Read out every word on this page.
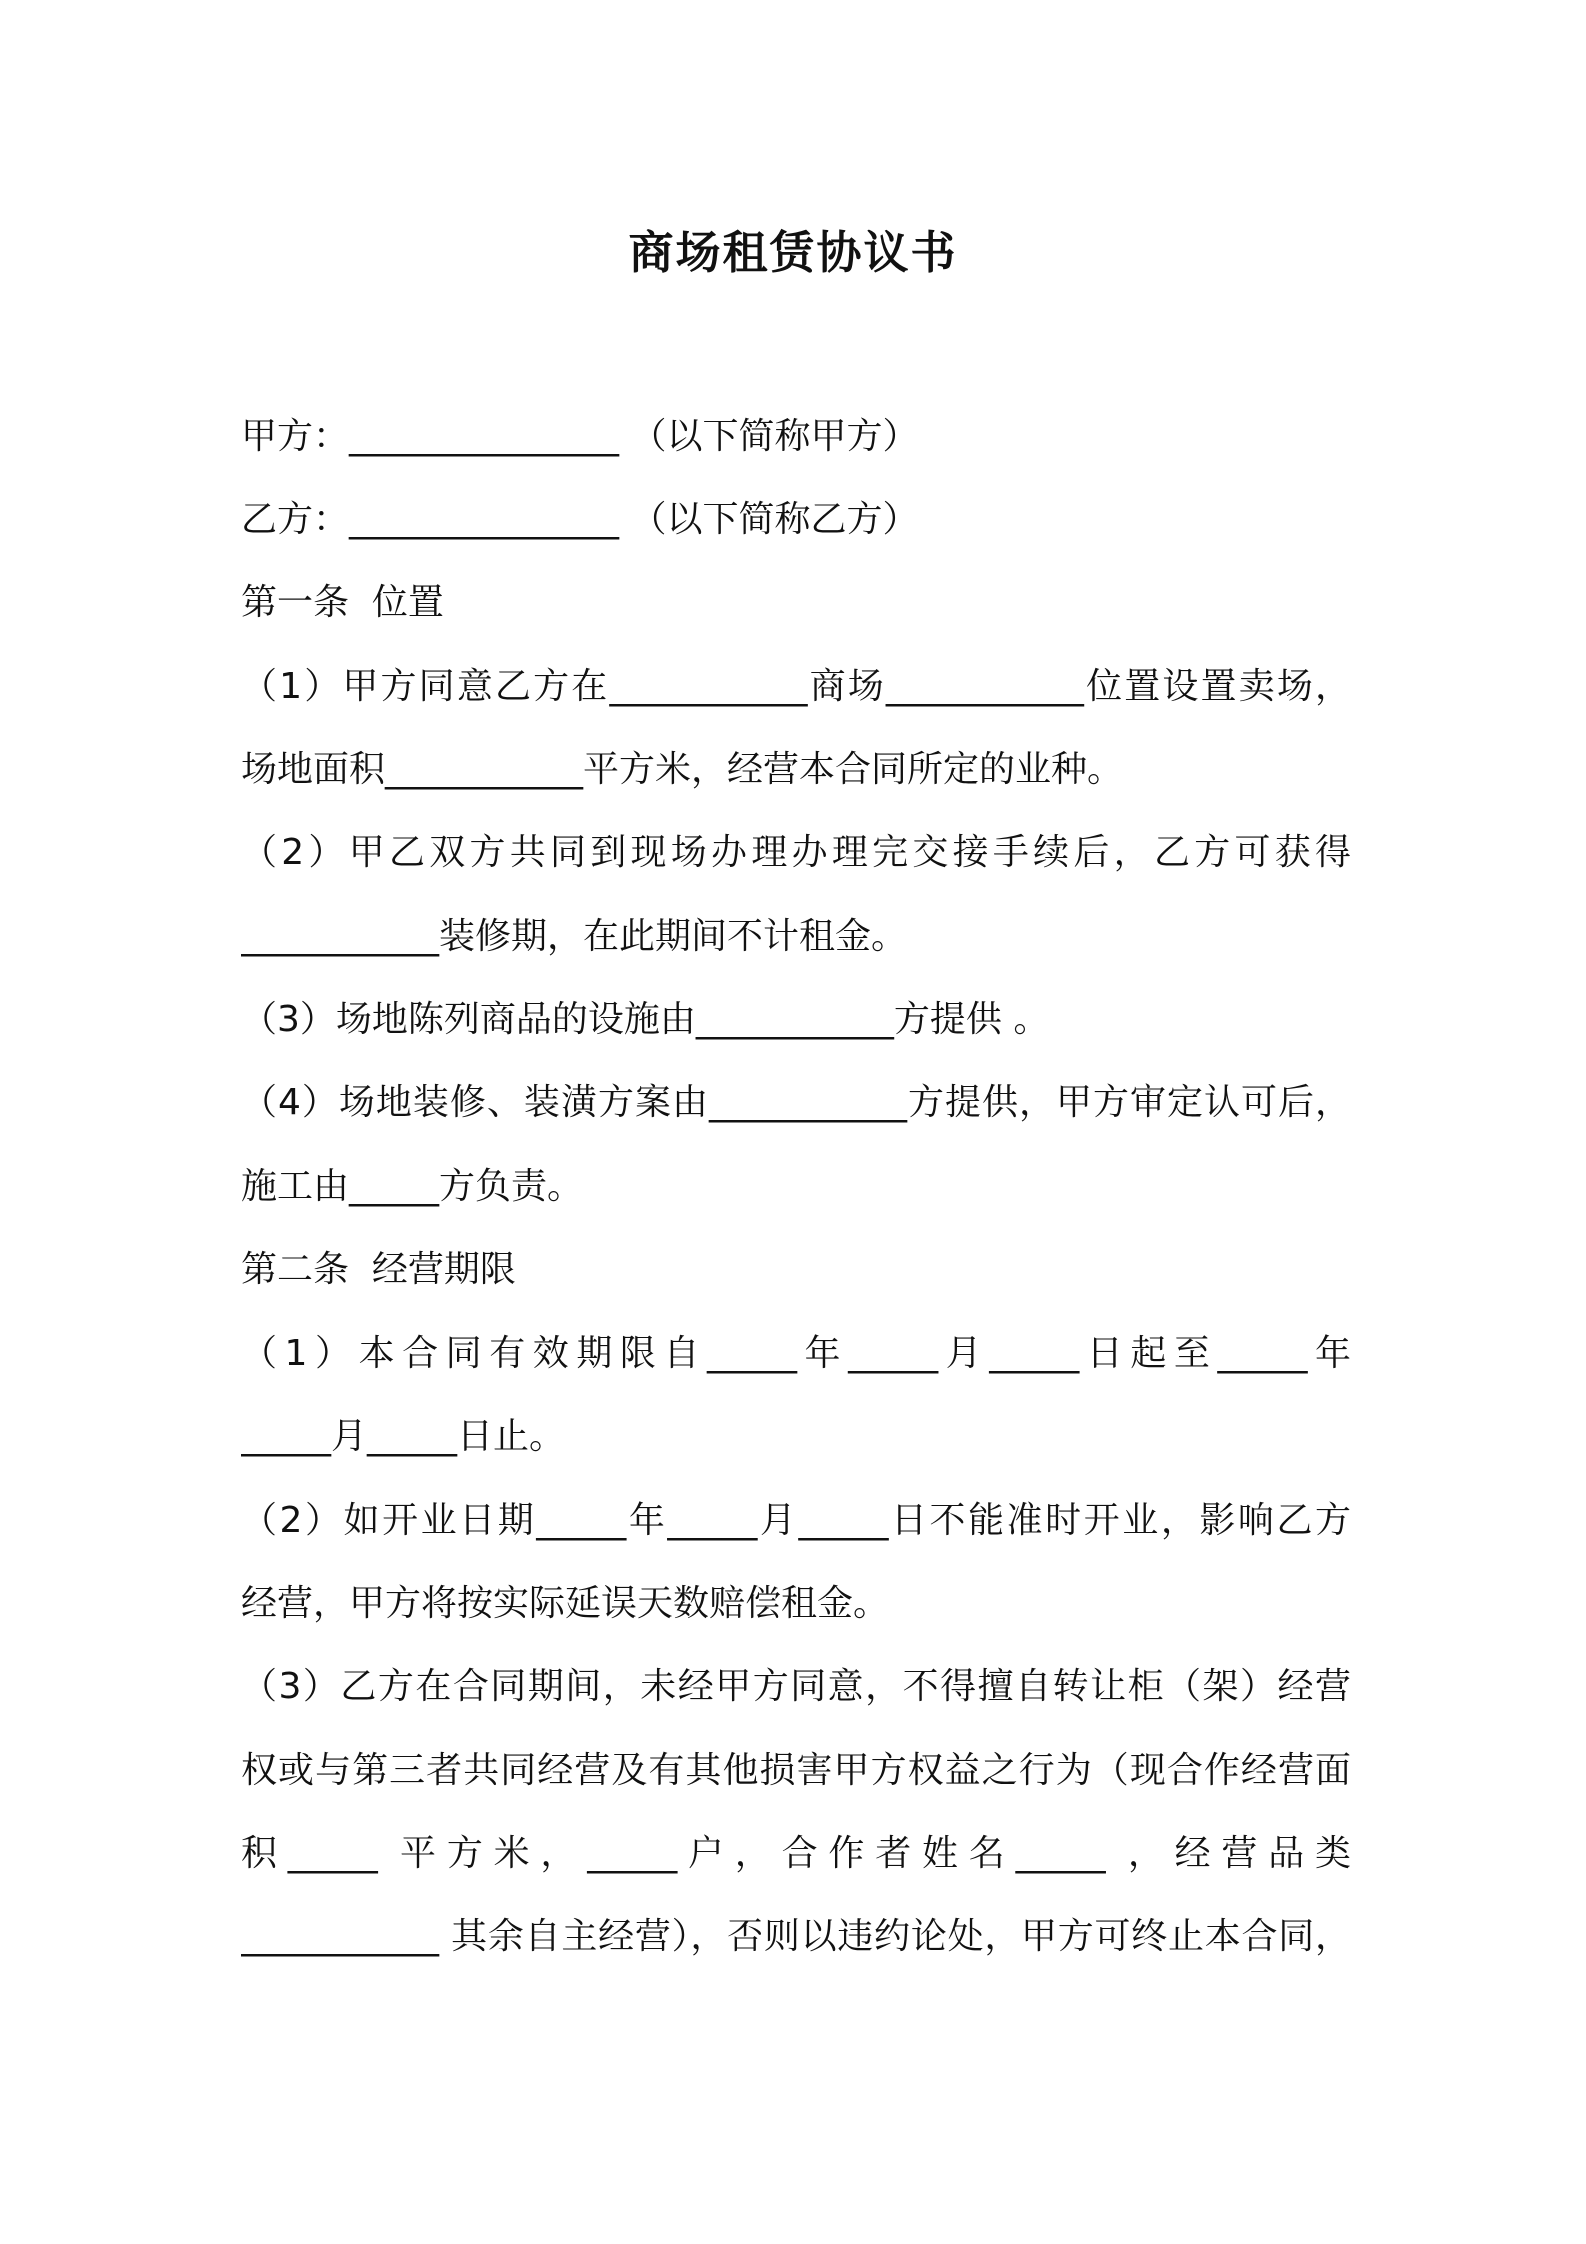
商场租赁协议书
甲方：_______________ （以下简称甲方）
乙方：_______________ （以下简称乙方）
第一条  位置
（1）甲方同意乙方在___________商场___________位置设置卖场，
场地面积___________平方米，经营本合同所定的业种。
（2）甲乙双方共同到现场办理办理完交接手续后，乙方可获得
___________装修期，在此期间不计租金。
（3）场地陈列商品的设施由___________方提供 。
（4）场地装修、装潢方案由___________方提供，甲方审定认可后，
施工由_____方负责。
第二条  经营期限
（1）本合同有效期限自_____年_____月_____日起至_____年
_____月_____日止。
（2）如开业日期_____年_____月_____日不能准时开业，影响乙方
经营，甲方将按实际延误天数赔偿租金。
（3）乙方在合同期间，未经甲方同意，不得擅自转让柜（架）经营
权或与第三者共同经营及有其他损害甲方权益之行为（现合作经营面
积_____ 平方米，_____户，合作者姓名_____ ，经营品类
___________ 其余自主经营），否则以违约论处，甲方可终止本合同，
